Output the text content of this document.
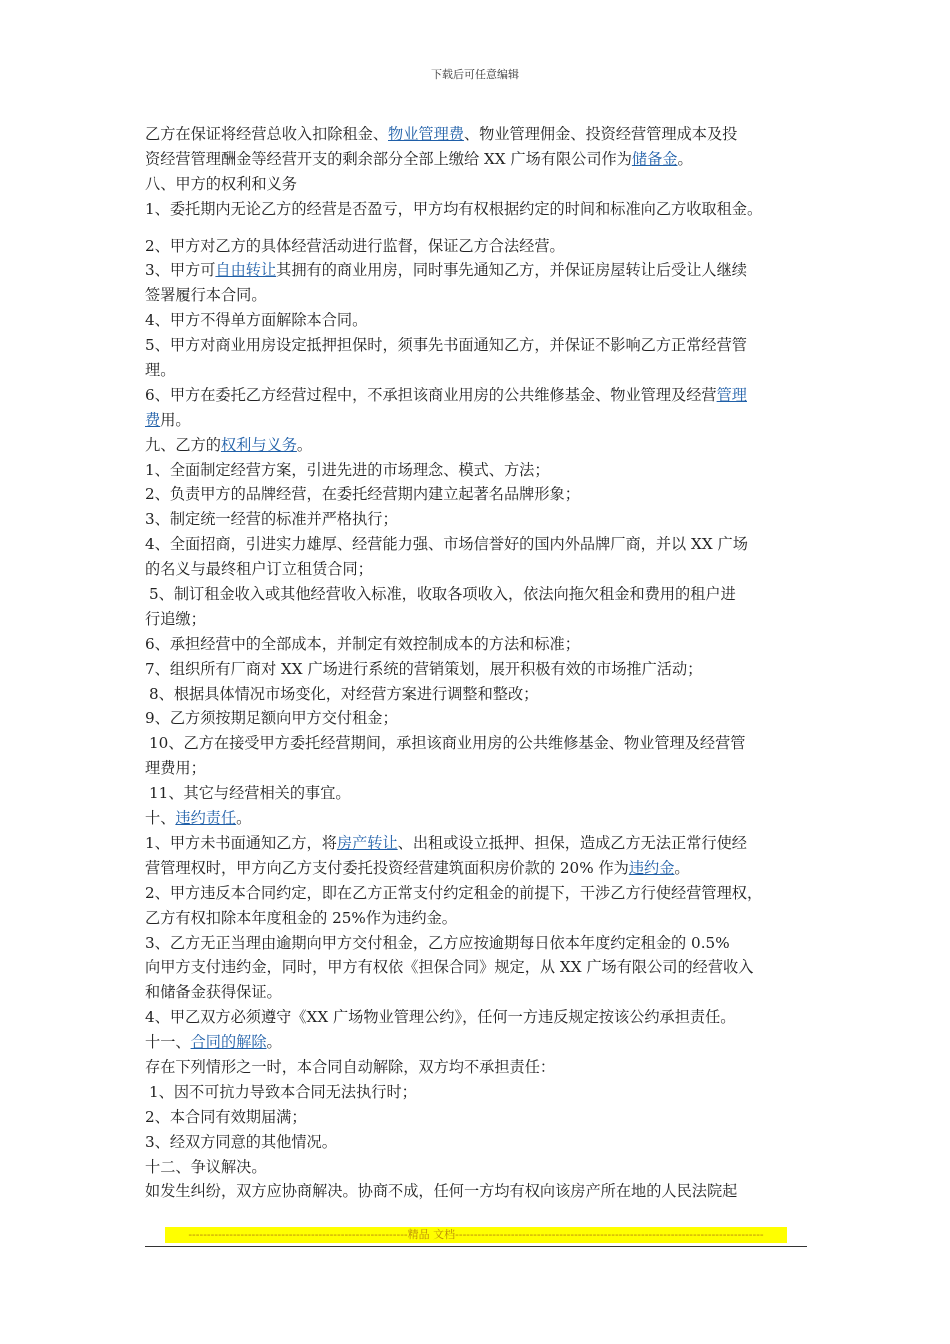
下载后可任意编辑
乙方在保证将经营总收入扣除租金、物业管理费、物业管理佣金、投资经营管理成本及投
资经营管理酬金等经营开支的剩余部分全部上缴给 XX 广场有限公司作为储备金。
八、甲方的权利和义务
1、委托期内无论乙方的经营是否盈亏，甲方均有权根据约定的时间和标准向乙方收取租金。
2、甲方对乙方的具体经营活动进行监督，保证乙方合法经营。
3、甲方可自由转让其拥有的商业用房，同时事先通知乙方，并保证房屋转让后受让人继续
签署履行本合同。
4、甲方不得单方面解除本合同。
5、甲方对商业用房设定抵押担保时，须事先书面通知乙方，并保证不影响乙方正常经营管
理。
6、甲方在委托乙方经营过程中，不承担该商业用房的公共维修基金、物业管理及经营管理
费用。
九、乙方的权利与义务。
1、全面制定经营方案，引进先进的市场理念、模式、方法；
2、负责甲方的品牌经营，在委托经营期内建立起著名品牌形象；
3、制定统一经营的标准并严格执行；
4、全面招商，引进实力雄厚、经营能力强、市场信誉好的国内外品牌厂商，并以 XX 广场
的名义与最终租户订立租赁合同；
5、制订租金收入或其他经营收入标准，收取各项收入，依法向拖欠租金和费用的租户进
行追缴；
6、承担经营中的全部成本，并制定有效控制成本的方法和标准；
7、组织所有厂商对 XX 广场进行系统的营销策划，展开积极有效的市场推广活动；
8、根据具体情况市场变化，对经营方案进行调整和整改；
9、乙方须按期足额向甲方交付租金；
10、乙方在接受甲方委托经营期间，承担该商业用房的公共维修基金、物业管理及经营管
理费用；
11、其它与经营相关的事宜。
十、违约责任。
1、甲方未书面通知乙方，将房产转让、出租或设立抵押、担保，造成乙方无法正常行使经
营管理权时，甲方向乙方支付委托投资经营建筑面积房价款的 20% 作为违约金。
2、甲方违反本合同约定，即在乙方正常支付约定租金的前提下，干涉乙方行使经营管理权，
乙方有权扣除本年度租金的 25%作为违约金。
3、乙方无正当理由逾期向甲方交付租金，乙方应按逾期每日依本年度约定租金的 0.5%
向甲方支付违约金，同时，甲方有权依《担保合同》规定，从 XX 广场有限公司的经营收入
和储备金获得保证。
4、甲乙双方必须遵守《XX 广场物业管理公约》，任何一方违反规定按该公约承担责任。
十一、合同的解除。
存在下列情形之一时，本合同自动解除，双方均不承担责任：
1、因不可抗力导致本合同无法执行时；
2、本合同有效期届满；
3、经双方同意的其他情况。
十二、争议解决。
如发生纠纷，双方应协商解决。协商不成，任何一方均有权向该房产所在地的人民法院起
-----------------------------------------------------------精品 文档-----------------------------------------------------------------------------------
